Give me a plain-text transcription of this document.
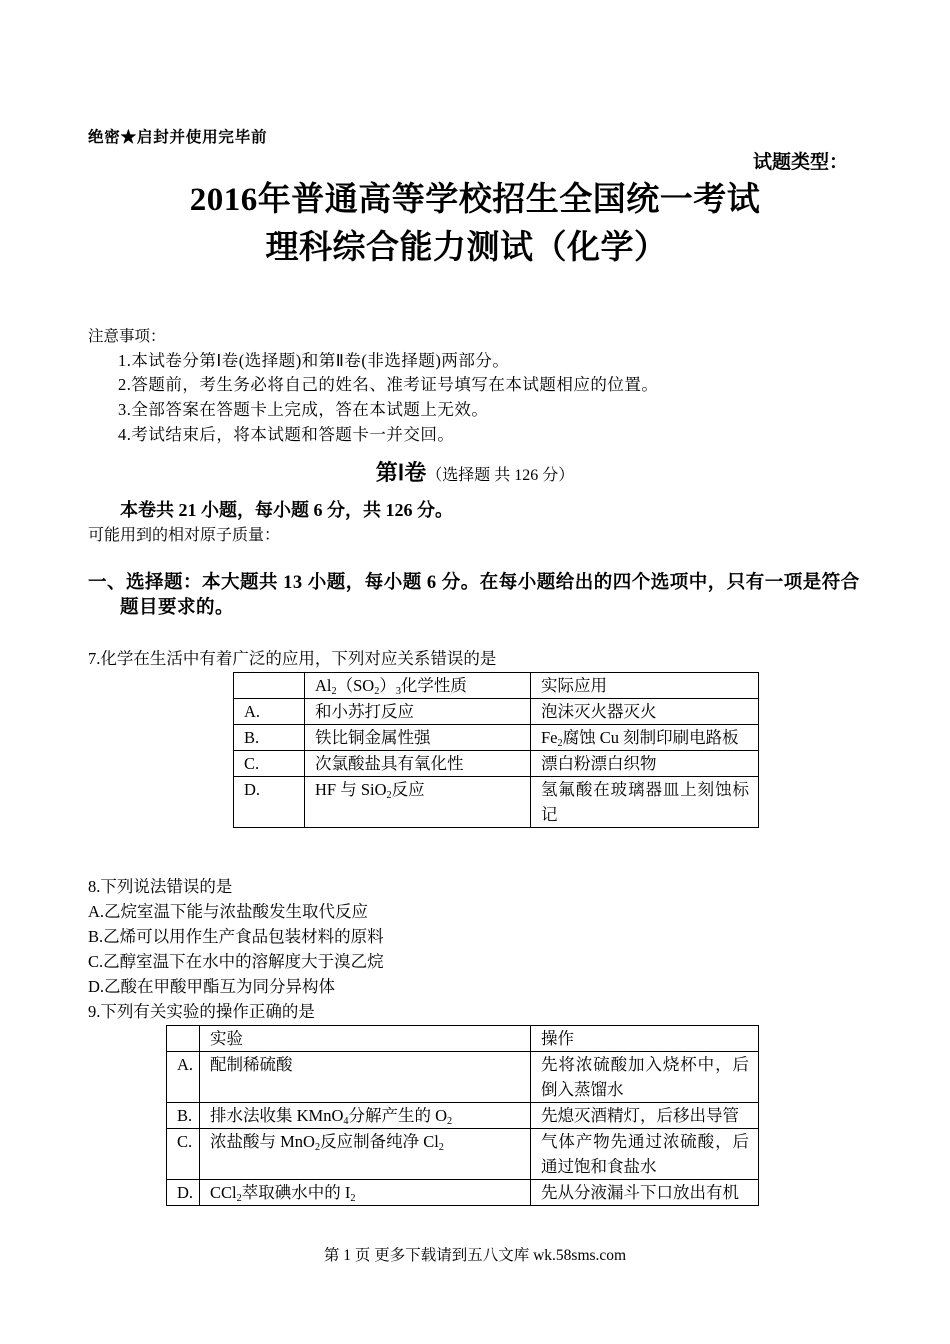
绝密★启封并使用完毕前
试题类型：
2016年普通高等学校招生全国统一考试
理科综合能力测试（化学）
注意事项：
1.本试卷分第Ⅰ卷(选择题)和第Ⅱ卷(非选择题)两部分。
2.答题前，考生务必将自己的姓名、准考证号填写在本试题相应的位置。
3.全部答案在答题卡上完成，答在本试题上无效。
4.考试结束后，将本试题和答题卡一并交回。
第Ⅰ卷（选择题 共 126 分）
本卷共 21 小题，每小题 6 分，共 126 分。
可能用到的相对原子质量：
一、选择题：本大题共 13 小题，每小题 6 分。在每小题给出的四个选项中，只有一项是符合
题目要求的。
7.化学在生活中有着广泛的应用，下列对应关系错误的是
	$Al_2(SO_2)_3$化学性质	实际应用
A.	和小苏打反应	泡沫灭火器灭火
B.	铁比铜金属性强	$Fe_2$腐蚀 Cu 刻制印刷电路板
C.	次氯酸盐具有氧化性	漂白粉漂白织物
D.	HF 与 SiO$_2$反应	氢氟酸在玻璃器皿上刻蚀标记
8.下列说法错误的是
A.乙烷室温下能与浓盐酸发生取代反应
B.乙烯可以用作生产食品包装材料的原料
C.乙醇室温下在水中的溶解度大于溴乙烷
D.乙酸在甲酸甲酯互为同分异构体
9.下列有关实验的操作正确的是
	实验	操作
A.	配制稀硫酸	先将浓硫酸加入烧杯中，后倒入蒸馏水
B.	排水法收集 KMnO$_4$分解产生的 $O_2$	先熄灭酒精灯，后移出导管
C.	浓盐酸与 MnO$_2$反应制备纯净 $Cl_2$	气体产物先通过浓硫酸，后通过饱和食盐水
D.	CCl$_2$萃取碘水中的 $I_2$	先从分液漏斗下口放出有机
第 1 页 更多下载请到五八文库 wk.58sms.com
